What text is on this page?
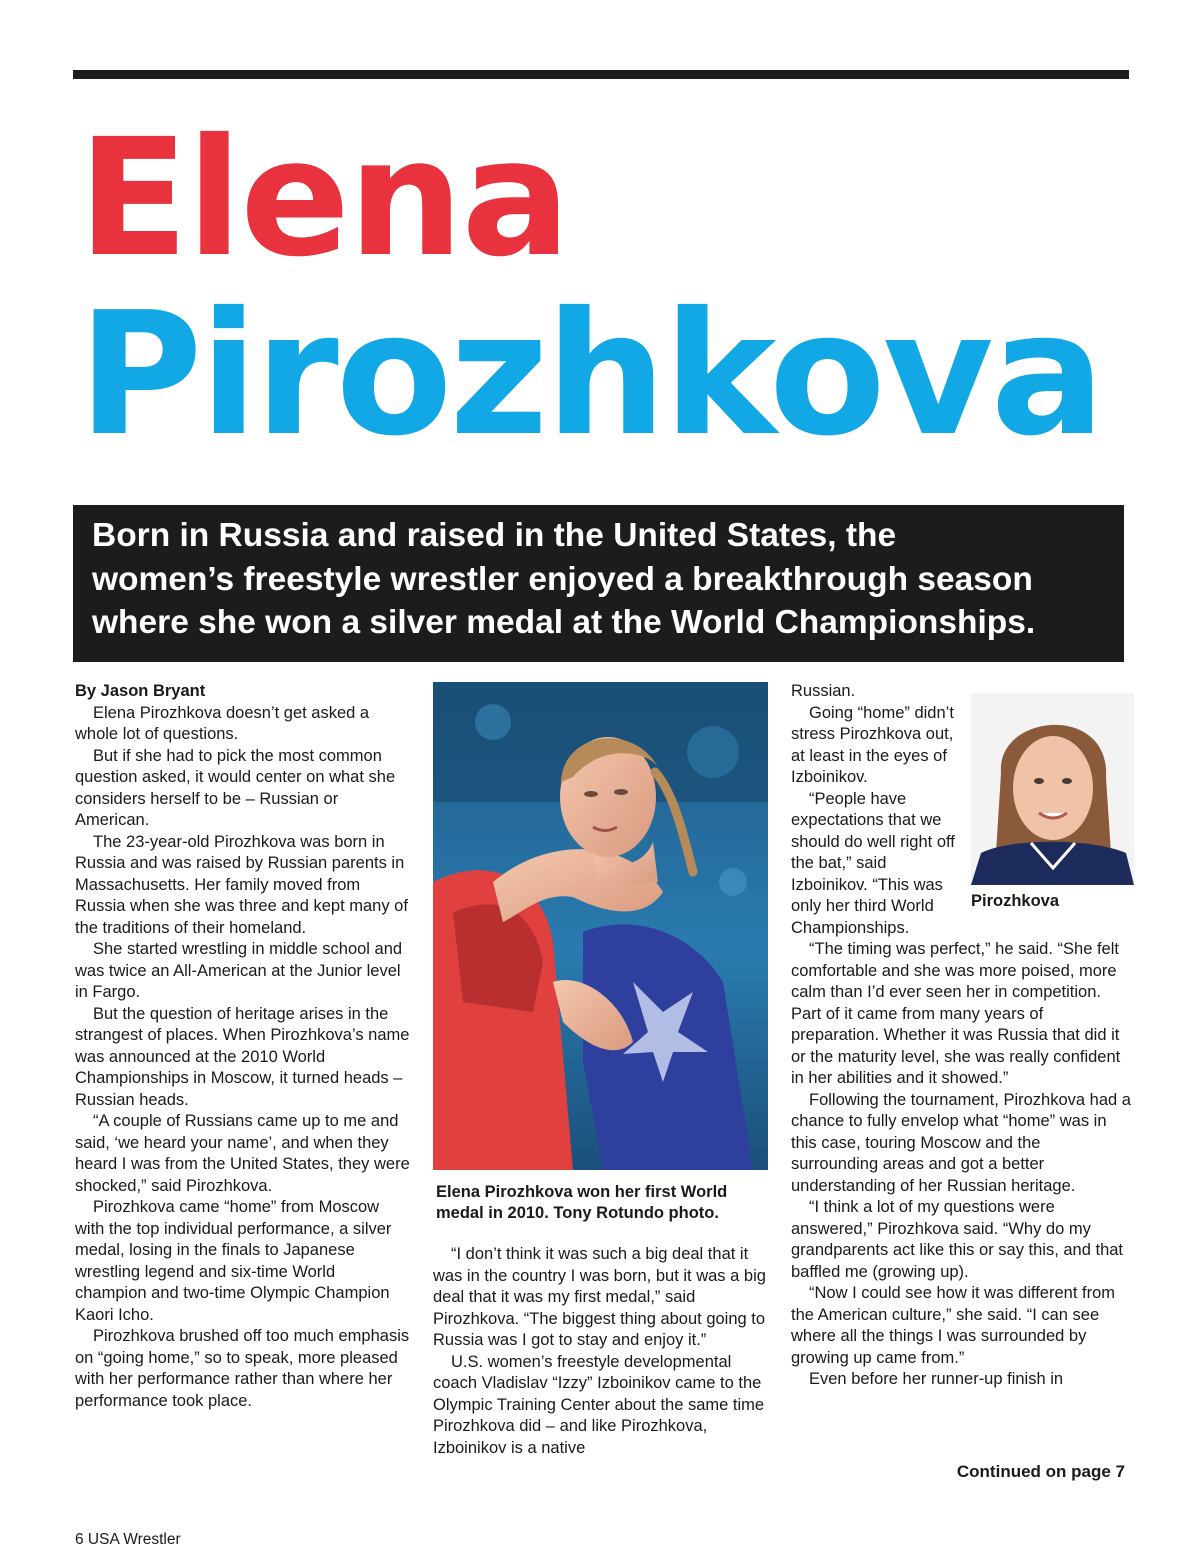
Elena
Pirozhkova

Born in Russia and raised in the United States, the

women’s freestyle wrestler enjoyed a breakthrough season

where she won a silver medal at the World Championships.

By Jason Bryant

Elena Pirozhkova doesn’t get asked a whole lot of questions.

But if she had to pick the most common question asked, it would center on what she considers herself to be – Russian or American.

The 23-year-old Pirozhkova was born in Russia and was raised by Russian parents in Massachusetts. Her family moved from Russia when she was three and kept many of the traditions of their homeland.

She started wrestling in middle school and was twice an All-American at the Junior level in Fargo.

But the question of heritage arises in the strangest of places. When Pirozhkova’s name was announced at the 2010 World Championships in Moscow, it turned heads – Russian heads.

“A couple of Russians came up to me and said, ‘we heard your name’, and when they heard I was from the United States, they were shocked,” said Pirozhkova.

Pirozhkova came “home” from Moscow with the top individual performance, a silver medal, losing in the finals to Japanese wrestling legend and six-time World champion and two-time Olympic Champion Kaori Icho.

Pirozhkova brushed off too much emphasis on “going home,” so to speak, more pleased with her performance rather than where her performance took place.

Elena Pirozhkova won her first World medal in 2010. Tony Rotundo photo.

“I don’t think it was such a big deal that it was in the country I was born, but it was a big deal that it was my first medal,” said Pirozhkova. “The biggest thing about going to Russia was I got to stay and enjoy it.”

U.S. women’s freestyle developmental coach Vladislav “Izzy” Izboinikov came to the Olympic Training Center about the same time Pirozhkova did – and like Pirozhkova, Izboinikov is a native

Russian.

Going “home” didn’t stress Pirozhkova out, at least in the eyes of Izboinikov.

Pirozhkova

“People have expectations that we should do well right off the bat,” said Izboinikov. “This was only her third World Championships.

“The timing was perfect,” he said. “She felt comfortable and she was more poised, more calm than I’d ever seen her in competition. Part of it came from many years of preparation. Whether it was Russia that did it or the maturity level, she was really confident in her abilities and it showed.”

Following the tournament, Pirozhkova had a chance to fully envelop what “home” was in this case, touring Moscow and the surrounding areas and got a better understanding of her Russian heritage.

“I think a lot of my questions were answered,” Pirozhkova said. “Why do my grandparents act like this or say this, and that baffled me (growing up).

“Now I could see how it was different from the American culture,” she said. “I can see where all the things I was surrounded by growing up came from.”

Even before her runner-up finish in

Continued on page 7
6 USA Wrestler
